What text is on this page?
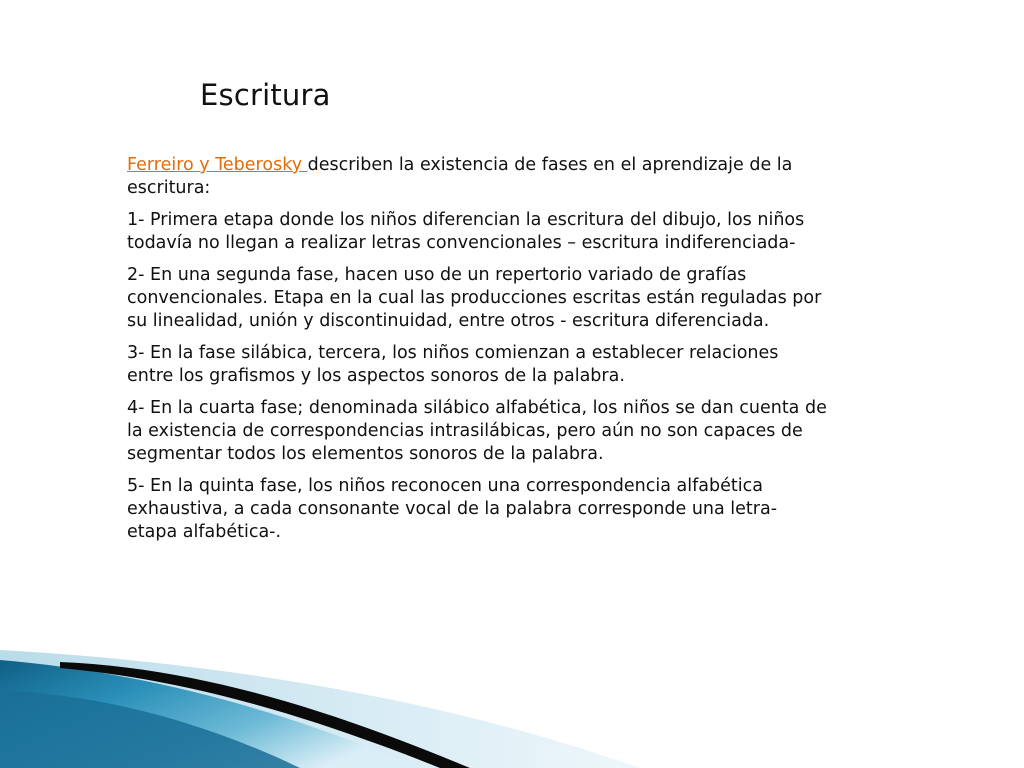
Escritura

Ferreiro y Teberosky describen la existencia de fases en el aprendizaje de la escritura:

1- Primera etapa donde los niños diferencian la escritura del dibujo, los niños todavía no llegan a realizar letras convencionales – escritura indiferenciada-

2- En una segunda fase, hacen uso de un repertorio variado de grafías convencionales. Etapa en la cual las producciones escritas están reguladas por su linealidad, unión y discontinuidad, entre otros - escritura diferenciada.

3- En la fase silábica, tercera, los niños comienzan a establecer relaciones entre los grafismos y los aspectos sonoros de la palabra.

4- En la cuarta fase; denominada silábico alfabética, los niños se dan cuenta de la existencia de correspondencias intrasilábicas, pero aún no son capaces de segmentar todos los elementos sonoros de la palabra.

5- En la quinta fase, los niños reconocen una correspondencia alfabética exhaustiva, a cada consonante vocal de la palabra corresponde una letra- etapa alfabética-.
